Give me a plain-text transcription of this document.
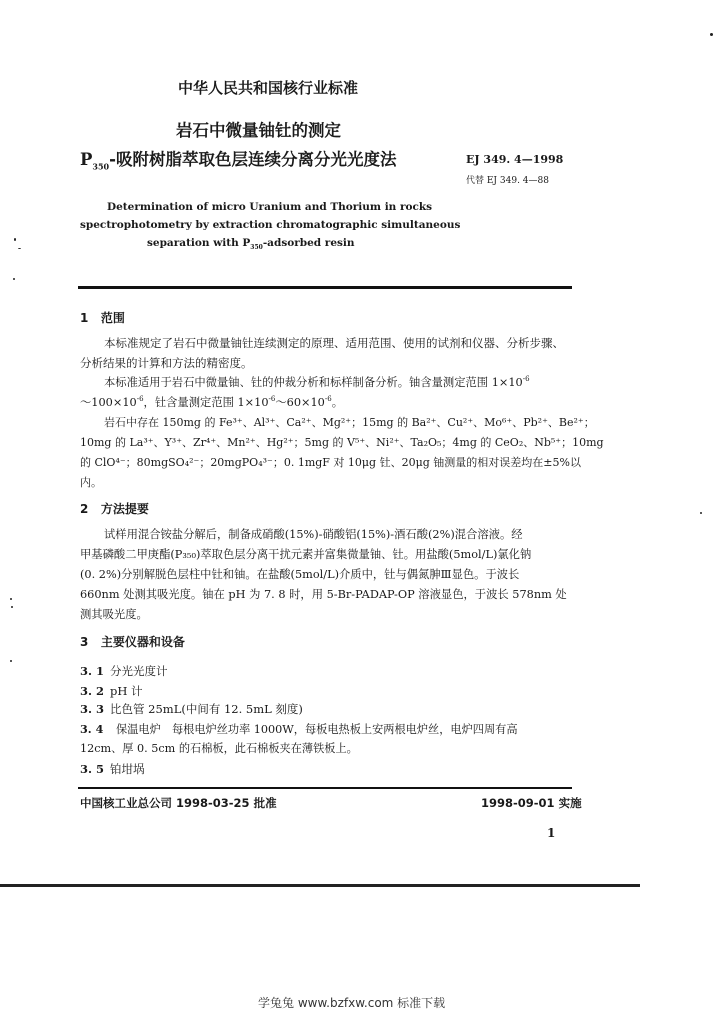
中华人民共和国核行业标准
岩石中微量铀钍的测定
$P_{350}-$吸附树脂萃取色层连续分离分光光度法	EJ 349. 4—1998
代替 EJ 349. 4—88
Determination of micro Uranium and Thorium in rocks
spectrophotometry by extraction chromatographic simultaneous
separation with $P_{350}$-adsorbed resin
1 范围

本标准规定了岩石中微量铀钍连续测定的原理、适用范围、使用的试剂和仪器、分析步骤、分析结果的计算和方法的精密度。

本标准适用于岩石中微量铀、钍的仲裁分析和标样制备分析。铀含量测定范围 $1\times 10^{-6}$
$\sim 100\times 10^{-6}$，钍含量测定范围 $1\times 10^{-6}\sim 60\times 10^{-6}$。
岩石中存在 150mg 的 Fe³⁺、Al³⁺、Ca²⁺、Mg²⁺；15mg 的 Ba²⁺、Cu²⁺、Mo⁶⁺、Pb²⁺、Be²⁺；
10mg 的 La³⁺、Y³⁺、Zr⁴⁺、Mn²⁺、Hg²⁺；5mg 的 V⁵⁺、Ni²⁺、Ta₂O₅；4mg 的 CeO₂、Nb⁵⁺；10mg
的 ClO⁴⁻；80mgSO₄²⁻；20mgPO₄³⁻；0. 1mgF 对 10μg 钍、20μg 铀测量的相对误差均在±5%以
内。
2 方法提要
试样用混合铵盐分解后，制备成硝酸(15%)-硝酸铝(15%)-酒石酸(2%)混合溶液。经
甲基磷酸二甲庚酯(P₃₅₀)萃取色层分离干扰元素并富集微量铀、钍。用盐酸(5mol/L)氯化钠
(0. 2%)分别解脱色层柱中钍和铀。在盐酸(5mol/L)介质中，钍与偶氮胂Ⅲ显色。于波长
660nm 处测其吸光度。铀在 pH 为 7. 8 时，用 5-Br-PADAP-OP 溶液显色，于波长 578nm 处
测其吸光度。
3 主要仪器和设备
3. 1 分光光度计
3. 2 pH 计
3. 3 比色管 25mL(中间有 12. 5mL 刻度)
3. 4 保温电炉　每根电炉丝功率 1000W，每板电热板上安两根电炉丝，电炉四周有高
12cm、厚 0. 5cm 的石棉板，此石棉板夹在薄铁板上。
3. 5 铂坩埚
中国核工业总公司 1998-03-25 批准	1998-09-01 实施
1
学兔兔 www.bzfxw.com 标准下载
